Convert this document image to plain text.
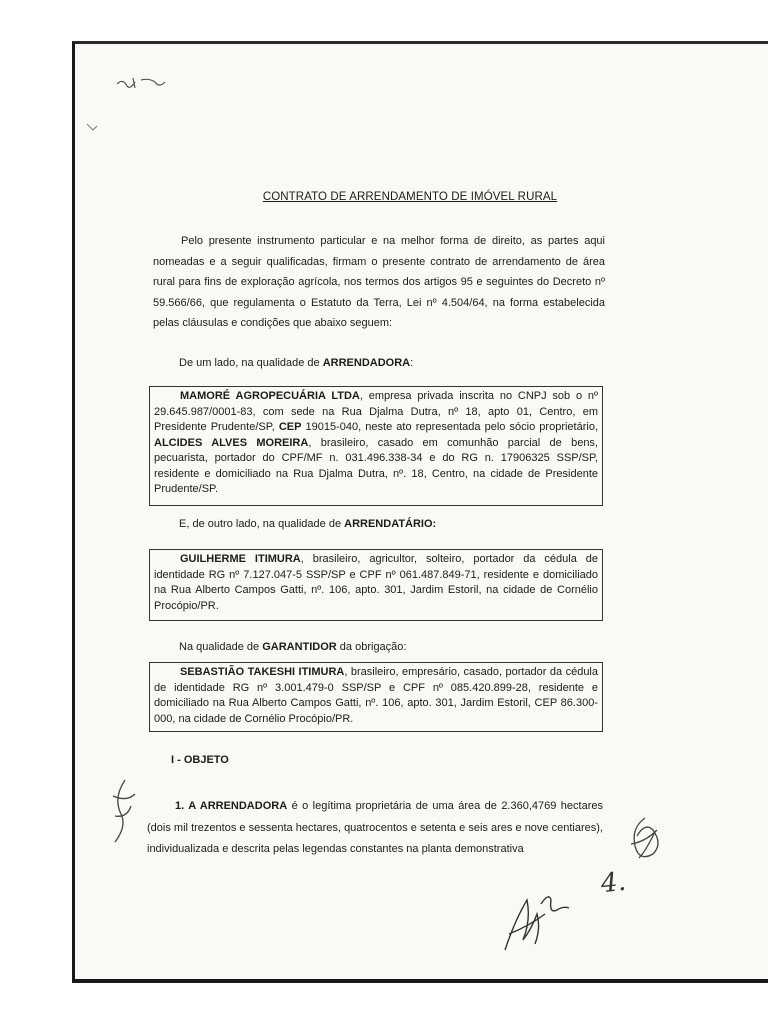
CONTRATO DE ARRENDAMENTO DE IMÓVEL RURAL
Pelo presente instrumento particular e na melhor forma de direito, as partes aqui nomeadas e a seguir qualificadas, firmam o presente contrato de arrendamento de área rural para fins de exploração agrícola, nos termos dos artigos 95 e seguintes do Decreto nº 59.566/66, que regulamenta o Estatuto da Terra, Lei nº 4.504/64, na forma estabelecida pelas cláusulas e condições que abaixo seguem:
De um lado, na qualidade de ARRENDADORA:
MAMORÉ AGROPECUÁRIA LTDA, empresa privada inscrita no CNPJ sob o nº 29.645.987/0001-83, com sede na Rua Djalma Dutra, nº 18, apto 01, Centro, em Presidente Prudente/SP, CEP 19015-040, neste ato representada pelo sócio proprietário, ALCIDES ALVES MOREIRA, brasileiro, casado em comunhão parcial de bens, pecuarista, portador do CPF/MF n. 031.496.338-34 e do RG n. 17906325 SSP/SP, residente e domiciliado na Rua Djalma Dutra, nº. 18, Centro, na cidade de Presidente Prudente/SP.
E, de outro lado, na qualidade de ARRENDATÁRIO:
GUILHERME ITIMURA, brasileiro, agricultor, solteiro, portador da cédula de identidade RG nº 7.127.047-5 SSP/SP e CPF nº 061.487.849-71, residente e domiciliado na Rua Alberto Campos Gatti, nº. 106, apto. 301, Jardim Estoril, na cidade de Cornélio Procópio/PR.
Na qualidade de GARANTIDOR da obrigação:
SEBASTIÃO TAKESHI ITIMURA, brasileiro, empresário, casado, portador da cédula de identidade RG nº 3.001.479-0 SSP/SP e CPF nº 085.420.899-28, residente e domiciliado na Rua Alberto Campos Gatti, nº. 106, apto. 301, Jardim Estoril, CEP 86.300-000, na cidade de Cornélio Procópio/PR.
I - OBJETO
1. A ARRENDADORA é o legítima proprietária de uma área de 2.360,4769 hectares (dois mil trezentos e sessenta hectares, quatrocentos e setenta e seis ares e nove centiares), individualizada e descrita pelas legendas constantes na planta demonstrativa
4.
